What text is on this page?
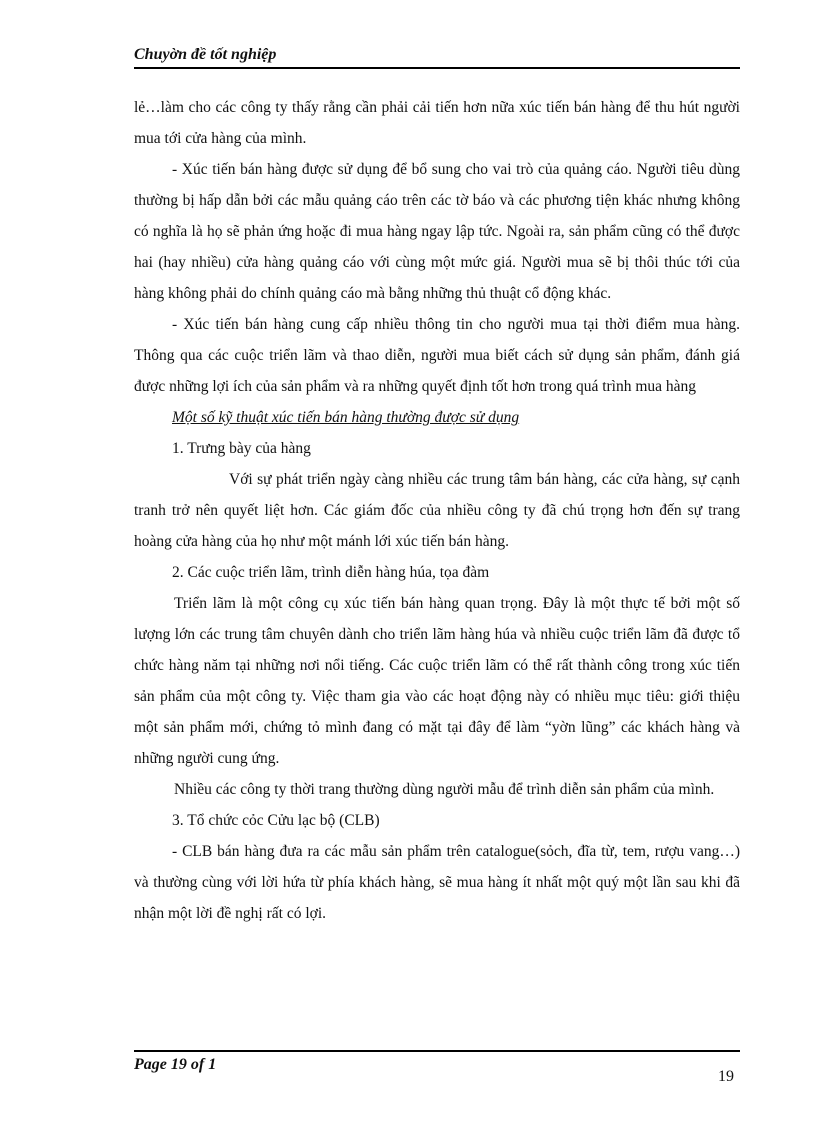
Chuyờn đề tốt nghiệp

lẻ…làm cho các công ty thấy rằng cần phải cải tiến hơn nữa xúc tiến bán hàng để thu hút người mua tới cửa hàng của mình.

- Xúc tiến bán hàng được sử dụng để bổ sung cho vai trò của quảng cáo. Người tiêu dùng thường bị hấp dẫn bởi các mẫu quảng cáo trên các tờ báo và các phương tiện khác nhưng không có nghĩa là họ sẽ phản ứng hoặc đi mua hàng ngay lập tức. Ngoài ra, sản phẩm cũng có thể được hai (hay nhiều) cửa hàng quảng cáo với cùng một mức giá. Người mua sẽ bị thôi thúc tới của hàng không phải do chính quảng cáo mà bằng những thủ thuật cổ động khác.

- Xúc tiến bán hàng cung cấp nhiều thông tin cho người mua tại thời điểm mua hàng. Thông qua các cuộc triển lãm và thao diễn, người mua biết cách sử dụng sản phẩm, đánh giá được những lợi ích của sản phẩm và ra những quyết định tốt hơn trong quá trình mua hàng

Một số kỹ thuật xúc tiến bán hàng thường được sử dụng

1. Trưng bày của hàng

Với sự phát triển ngày càng nhiều các trung tâm bán hàng, các cửa hàng, sự cạnh tranh trở nên quyết liệt hơn. Các giám đốc của nhiều công ty đã chú trọng hơn đến sự trang hoàng cửa hàng của họ như một mánh lới xúc tiến bán hàng.

2. Các cuộc triển lãm, trình diễn hàng húa, tọa đàm

Triển lãm là một công cụ xúc tiến bán hàng quan trọng. Đây là một thực tế bởi một số lượng lớn các trung tâm chuyên dành cho triển lãm hàng húa và nhiều cuộc triển lãm đã được tổ chức hàng năm tại những nơi nổi tiếng. Các cuộc triển lãm có thể rất thành công trong xúc tiến sản phẩm của một công ty. Việc tham gia vào các hoạt động này có nhiều mục tiêu: giới thiệu một sản phẩm mới, chứng tỏ mình đang có mặt tại đây để làm “yờn lũng” các khách hàng và những người cung ứng.

Nhiều các công ty thời trang thường dùng người mẫu để trình diễn sản phẩm của mình.

3. Tổ chức cỏc Cửu lạc bộ (CLB)

- CLB bán hàng đưa ra các mẫu sản phẩm trên catalogue(sỏch, đĩa từ, tem, rượu vang…) và thường cùng với lời hứa từ phía khách hàng, sẽ mua hàng ít nhất một quý một lần sau khi đã nhận một lời đề nghị rất có lợi.

Page 19 of 1
19
